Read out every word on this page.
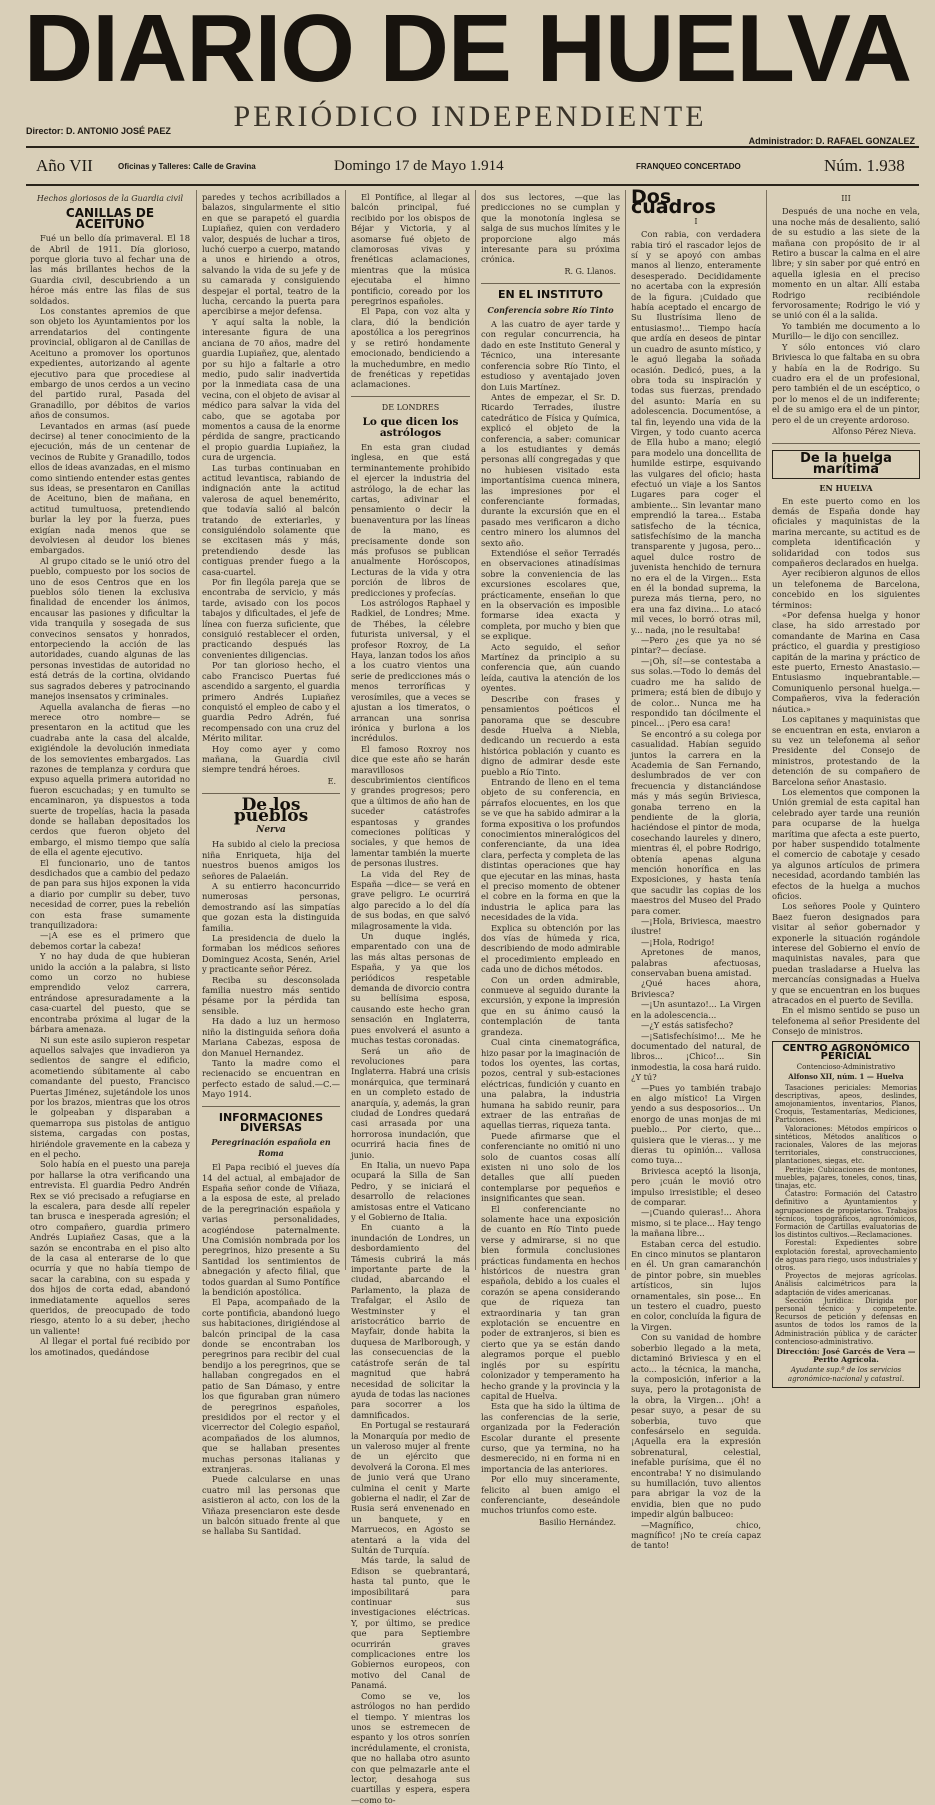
DIARIO DE HUELVA
PERIÓDICO INDEPENDIENTE
Director: D. ANTONIO JOSÉ PAEZ
Administrador: D. RAFAEL GONZALEZ
Año VII	Oficinas y Talleres: Calle de Gravina	Domingo 17 de Mayo 1.914	FRANQUEO CONCERTADO	Núm. 1.938
Hechos gloriosos de la Guardia civil
CANILLAS DE ACEITUNO

Fué un bello día primaveral. El 18 de Abril de 1911. Día glorioso, porque gloria tuvo al fechar una de las más brillantes hechos de la Guardia civil, descubriendo a un héroe más entre las filas de sus soldados.

Los constantes apremios de que son objeto los Ayuntamientos por los arrendatarios del contingente provincial, obligaron al de Canillas de Aceituno a promover los oportunos expedientes, autorizando al agente ejecutivo para que procediese al embargo de unos cerdos a un vecino del partido rural, Pasada del Granadillo, por débitos de varios años de consumos.

Levantados en armas (así puede decirse) al tener conocimiento de la ejecución, más de un centenar de vecinos de Rubite y Granadillo, todos ellos de ideas avanzadas, en el mismo como sintiendo entender estas gentes sus ideas, se presentaron en Canillas de Aceituno, bien de mañana, en actitud tumultuosa, pretendiendo burlar la ley por la fuerza, pues exigían nada menos que se devolviesen al deudor los bienes embargados.

Al grupo citado se le unió otro del pueblo, compuesto por los socios de uno de esos Centros que en los pueblos sólo tienen la exclusiva finalidad de encender los ánimos, encausar las pasiones y dificultar la vida tranquila y sosegada de sus convecinos sensatos y honrados, entorpeciendo la acción de las autoridades, cuando algunas de las personas investidas de autoridad no está detrás de la cortina, olvidando sus sagrados deberes y patrocinando manejos insensatos y criminales.

Aquella avalancha de fieras —no merece otro nombre— se presentaron en la actitud que les cuadraba ante la casa del alcalde, exigiéndole la devolución inmediata de los semovientes embargados. Las razones de templanza y cordura que expuso aquella primera autoridad no fueron escuchadas; y en tumulto se encaminaron, ya dispuestos a toda suerte de tropelías, hacia la pasada donde se hallaban depositados los cerdos que fueron objeto del embargo, el mismo tiempo que salía de ella el agente ejecutivo.

El funcionario, uno de tantos desdichados que a cambio del pedazo de pan para sus hijos exponen la vida a diario por cumplir su deber, tuvo necesidad de correr, pues la rebelión con esta frase sumamente tranquilizadora:

—¡A ese es el primero que debemos cortar la cabeza!

Y no hay duda de que hubieran unido la acción a la palabra, si listo como un corzo no hubiese emprendido veloz carrera, entrándose apresuradamente a la casa-cuartel del puesto, que se encontraba próxima al lugar de la bárbara amenaza.

Ni sun este asilo supieron respetar aquellos salvajes que invadieron ya sedientos de sangre el edificio, acometiendo súbitamente al cabo comandante del puesto, Francisco Puertas Jiménez, sujetándole los unos por los brazos, mientras que los otros le golpeaban y disparaban a quemarropa sus pistolas de antiguo sistema, cargadas con postas, hiriéndole gravemente en la cabeza y en el pecho.

Solo había en el puesto una pareja por hallarse la otra verificando una entrevista. El guardia Pedro Andrén Rex se vió precisado a refugiarse en la escalera, para desde allí repeler tan brusca e inesperada agresión; el otro compañero, guardia primero Andrés Lupiañez Casas, que a la sazón se encontraba en el piso alto de la casa al enterarse de lo que ocurría y que no había tiempo de sacar la carabina, con su espada y dos hijos de corta edad, abandonó inmediatamente aquellos seres queridos, de preocupado de todo riesgo, atento lo a su deber, ¡hecho un valiente!

Al llegar el portal fué recibido por los amotinados, quedándose

paredes y techos acribillados a balazos, singularmente el sitio en que se parapetó el guardia Lupiañez, quien con verdadero valor, después de luchar a tiros, luchó cuerpo a cuerpo, matando a unos e hiriendo a otros, salvando la vida de su jefe y de su camarada y consiguiendo despejar el portal, teatro de la lucha, cercando la puerta para apercibirse a mejor defensa.

Y aquí salta la noble, la interesante figura de una anciana de 70 años, madre del guardia Lupiañez, que, alentado por su hijo a faltarle a otro medio, pudo salir inadvertida por la inmediata casa de una vecina, con el objeto de avisar al médico para salvar la vida del cabo, que se agotaba por momentos a causa de la enorme pérdida de sangre, practicando el propio guardia Lupiañez, la cura de urgencia.

Las turbas continuaban en actitud levantisca, rabiando de indignación ante la actitud valerosa de aquel benemérito, que todavía salió al balcón tratando de exteriarles, y consiguiéndolo solamente que se excitasen más y más, pretendiendo desde las contiguas prender fuego a la casa-cuartel.

Por fin llególa pareja que se encontraba de servicio, y más tarde, avisado con los pocos tabajos y dificultades, el jefe de línea con fuerza suficiente, que consiguió restablecer el orden, practicando después las convenientes diligencias.

Por tan glorioso hecho, el cabo Francisco Puertas fué ascendido a sargento, el guardia primero Andrés Lupiañez conquistó el empleo de cabo y el guardia Pedro Adrén, fué recompensado con una cruz del Mérito militar.

Hoy como ayer y como mañana, la Guardia civil siempre tendrá héroes.

E.
De los pueblos
Nerva

Ha subido al cielo la preciosa niña Enriqueta, hija del nuestros buenos amigos los señores de Palaeián.

A su entierro haconcurrido numerosas personas, demostrando así las simpatías que gozan esta la distinguida familia.

La presidencia de duelo la formaban los médicos señores Dominguez Acosta, Senén, Ariel y practicante señor Pérez.

Reciba su desconsolada familia nuestro más sentido pésame por la pérdida tan sensible.

Ha dado a luz un hermoso niño la distinguida señora doña Mariana Cabezas, esposa de don Manuel Hernandez.

Tanto la madre como el recienacido se encuentran en perfecto estado de salud.—C.—Mayo 1914.

INFORMACIONES DIVERSAS
Peregrinación española en Roma

El Papa recibió el jueves día 14 del actual, al embajador de España señor conde de Viñaza, a la esposa de este, al prelado de la peregrinación española y varias personalidades, acogiéndose paternalmente. Una Comisión nombrada por los peregrinos, hizo presente a Su Santidad los sentimientos de abnegación y afecto filial, que todos guardan al Sumo Pontífice la bendición apostólica.

El Papa, acompañado de la corte pontificia, abandonó luego sus habitaciones, dirigiéndose al balcón principal de la casa donde se encontraban los peregrinos para recibir del cual bendijo a los peregrinos, que se hallaban congregados en el patio de San Dámaso, y entre los que figuraban gran número de peregrinos españoles, presididos por el rector y el vicerrector del Colegio español, acompañados de los alumnos, que se hallaban presentes muchas personas italianas y extranjeras.

Puede calcularse en unas cuatro mil las personas que asistieron al acto, con los de la Viñaza presenciaron este desde un balcón situado frente al que se hallaba Su Santidad.

El Pontífice, al llegar al balcón principal, fué recibido por los obispos de Béjar y Victoria, y al asomarse fué objeto de clamorosas vivas y frenéticas aclamaciones, mientras que la música ejecutaba el himno pontificio, coreado por los peregrinos españoles.

El Papa, con voz alta y clara, dió la bendición apostólica a los peregrinos y se retiró hondamente emocionado, bendiciendo a la muchedumbre, en medio de frenéticas y repetidas aclamaciones.

DE LONDRES
Lo que dicen los astrólogos

En esta gran ciudad inglesa, en que está terminantemente prohibido el ejercer la industria del astrólogo, la de echar las cartas, adivinar el pensamiento o decir la buenaventura por las líneas de la mano, es precisamente donde son más profusos se publican anualmente Horóscopos, Lecturas de la vida y otra porción de libros de predicciones y profecías.

Los astrólogos Raphael y Radkiel, de Londres; Mme. de Thébes, la célebre futurista universal, y el profesor Roxroy, de La Haya, lanzan todos los años a los cuatro vientos una serie de predicciones más o menos terroríficas y verosímiles, que a veces se ajustan a los timeratos, o arrancan una sonrisa irónica y burlona a los incrédulos.

El famoso Roxroy nos dice que este año se harán maravillosos descubrimientos científicos y grandes progresos; pero que a últimos de año han de suceder catástrofes espantosas y grandes comeciones políticas y sociales, y que hemos de lamentar también la muerte de personas ilustres.

La vida del Rey de España —dice— se verá en grave peligro. Le ocurrirá algo parecido a lo del día de sus bodas, en que salvó milagrosamente la vida.

Un duque inglés, emparentado con una de las más altas personas de España, y ya que los periódicos respetable demanda de divorcio contra su bellísima esposa, causando este hecho gran sensación en Inglaterra, pues envolverá el asunto a muchas testas coronadas.

Será un año de revoluciones para Inglaterra. Habrá una crisis monárquica, que terminará en un completo estado de anarquía, y, además, la gran ciudad de Londres quedará casi arrasada por una horrorosa inundación, que ocurrirá hacia fines de junio.

En Italia, un nuevo Papa ocupará la Silla de San Pedro, y se iniciará el desarrollo de relaciones amistosas entre el Vaticano y el Gobierno de Italia.

En cuanto a la inundación de Londres, un desbordamiento del Támesis cubrirá la más importante parte de la ciudad, abarcando el Parlamento, la plaza de Trafalgar, el Asilo de Westminster y el aristocrático barrio de Mayfair, donde habita la duquesa de Marlborough, y las consecuencias de la catástrofe serán de tal magnitud que habrá necesidad de solicitar la ayuda de todas las naciones para socorrer a los damnificados.

En Portugal se restaurará la Monarquía por medio de un valeroso mujer al frente de un ejército que devolverá la Corona. El mes de junio verá que Urano culmina el cenit y Marte gobierna el nadir, el Zar de Rusia será envenenado en un banquete, y en Marruecos, en Agosto se atentará a la vida del Sultán de Turquía.

Más tarde, la salud de Edison se quebrantará, hasta tal punto, que le imposibilitará para continuar sus investigaciones eléctricas. Y, por último, se predice que para Septiembre ocurrirán graves complicaciones entre los Gobiernos europeos, con motivo del Canal de Panamá.

Como se ve, los astrólogos no han perdido el tiempo. Y mientras los unos se estremecen de espanto y los otros sonríen incrédulamente, el cronista, que no hallaba otro asunto con que pelmazarle ante el lector, desahoga sus cuartillas y espera, espera —como to-

dos sus lectores, —que las predicciones no se cumplan y que la monotonía inglesa se salga de sus muchos límites y le proporcione algo más interesante para su próxima crónica.

R. G. Llanos.
EN EL INSTITUTO
Conferencia sobre Río Tinto

A las cuatro de ayer tarde y con regular concurrencia, ha dado en este Instituto General y Técnico, una interesante conferencia sobre Río Tinto, el estudioso y aventajado joven don Luis Martínez.

Antes de empezar, el Sr. D. Ricardo Terrades, ilustre catedrático de Física y Química, explicó el objeto de la conferencia, a saber: comunicar a los estudiantes y demás personas allí congregadas y que no hubiesen visitado esta importantísima cuenca minera, las impresiones por el conferenciante formadas, durante la excursión que en el pasado mes verificaron a dicho centro minero los alumnos del sexto año.

Extendióse el señor Terradés en observaciones atinadísimas sobre la conveniencia de las excursiones escolares que, prácticamente, enseñan lo que en la observación es imposible formarse idea exacta y completa, por mucho y bien que se explique.

Acto seguido, el señor Martínez da principio a su conferencia que, aún cuando leída, cautiva la atención de los oyentes.

Describe con frases y pensamientos poéticos el panorama que se descubre desde Huelva a Niebla, dedicando un recuerdo a esta histórica población y cuanto es digno de admirar desde este pueblo a Río Tinto.

Entrando de lleno en el tema objeto de su conferencia, en párrafos elocuentes, en los que se ve que ha sabido admirar a la forma expositiva o los profundos conocimientos mineralógicos del conferenciante, da una idea clara, perfecta y completa de las distintas operaciones que hay que ejecutar en las minas, hasta el preciso momento de obtener el cobre en la forma en que la industria le aplica para las necesidades de la vida.

Explica su obtención por las dos vías de húmeda y rica, describiendo de modo admirable el procedimiento empleado en cada uno de dichos métodos.

Con un orden admirable, conmueve al seguido durante la excursión, y expone la impresión que en su ánimo causó la contemplación de tanta grandeza.

Cual cinta cinematográfica, hizo pasar por la imaginación de todos los oyentes, las cortas, pozos, central y sub-estaciones eléctricas, fundición y cuanto en una palabra, la industria humana ha sabido reunir, para extraer de las entrañas de aquellas tierras, riqueza tanta.

Puede afirmarse que el conferenciante no omitió ni uno solo de cuantos cosas allí existen ni uno solo de los detalles que allí pueden contemplarse por pequeños e insignificantes que sean.

El conferenciante no solamente hace una exposición de cuanto en Río Tinto puede verse y admirarse, si no que bien formula conclusiones prácticas fundamenta en hechos históricos de nuestra gran española, debido a los cuales el corazón se apena considerando que de riqueza tan extraordinaria y tan gran explotación se encuentre en poder de extranjeros, si bien es cierto que ya se están dando alegramos porque el pueblo inglés por su espíritu colonizador y temperamento ha hecho grande y la provincia y la capital de Huelva.

Esta que ha sido la última de las conferencias de la serie, organizada por la Federación Escolar durante el presente curso, que ya termina, no ha desmerecido, ni en forma ni en importancia de las anteriores.

Por ello muy sinceramente, felicito al buen amigo el conferenciante, deseándole muchos triunfos como este.

Basilio Hernández.
Dos cuadros
I

Con rabia, con verdadera rabia tiró el rascador lejos de sí y se apoyó con ambas manos al lienzo, enteramente desesperado. Decididamente no acertaba con la expresión de la figura. ¡Cuidado que había aceptado el encargo de Su Ilustrísima lleno de entusiasmo!... Tiempo hacía que ardía en deseos de pintar un cuadro de asunto místico, y le aguó llegaba la soñada ocasión. Dedicó, pues, a la obra toda su inspiración y todas sus fuerzas, prendado del asunto: María en su adolescencia. Documentóse, a tal fin, leyendo una vida de la Virgen, y todo cuanto acerca de Ella hubo a mano; elegió para modelo una doncellita de humilde estirpe, esquivando las vulgares del oficio; hasta efectuó un viaje a los Santos Lugares para coger el ambiente... Sin levantar mano emprendió la tarea... Estaba satisfecho de la técnica, satisfechísimo de la mancha transparente y jugosa, pero... aquel dulce rostro de juvenista henchido de ternura no era el de la Virgen... Esta en él la bondad suprema, la pureza más tierna, pero, no era una faz divina... Lo atacó mil veces, lo borró otras mil, y... nada, ¡no le resultaba!

—Pero ¿es que ya no sé pintar?— decíase.

—¡Oh, sí!—se contestaba a sus solas.—Todo lo demás del cuadro me ha salido de primera; está bien de dibujo y de color... Nunca me ha respondido tan dócilmente el pincel... ¡Pero esa cara!

Se encontró a su colega por casualidad. Habían seguido juntos la carrera en la Academia de San Fernando, deslumbrados de ver con frecuencia y distanciándose más y más según Briviesca, gonaba terreno en la pendiente de la gloria, haciéndose el pintor de moda, cosechando laureles y dinero, mientras él, el pobre Rodrigo, obtenía apenas alguna mención honorífica en las Exposiciones, y hasta tenía que sacudir las copias de los maestros del Museo del Prado para comer.

—¡Hola, Briviesca, maestro ilustre!

—¡Hola, Rodrigo!

Apretones de manos, palabras afectuosas, conservaban buena amistad.

¿Qué haces ahora, Briviesca?

—¡Un asuntazo!... La Virgen en la adolescencia...

—¿Y estás satisfecho?

—¡Satisfechísimo!... Me he documentado del natural, de libros... ¡Chico!... Sin inmodestia, la cosa hará ruido. ¿Y tú?

—Pues yo también trabajo en algo místico! La Virgen yendo a sus desposorios... Un enorgo de unas monjas de mi pueblo... Por cierto, que... quisiera que le vieras... y me dieras tu opinión... vallosa como tuya...

Briviesca aceptó la lisonja, pero ¡cuán le movió otro impulso irresistible; el deseo de comparar.

—¡Cuando quieras!... Ahora mismo, si te place... Hay tengo la mañana libre...

Estaban cerca del estudio. En cinco minutos se plantaron en él. Un gran camaranchón de pintor pobre, sin muebles artísticos, sin lujos ornamentales, sin pose... En un testero el cuadro, puesto en color, concluída la figura de la Virgen.

Con su vanidad de hombre soberbio llegado a la meta, dictaminó Briviesca y en el acto... la técnica, la mancha, la composición, inferior a la suya, pero la protagonista de la obra, la Virgen... ¡Oh! a pesar suyo, a pesar de su soberbia, tuvo que confesárselo en seguida. ¡Aquella era la expresión sobrenatural, celestial, inefable purísima, que él no encontraba! Y no disimulando su humillación, tuvo alientos para abrigar la voz de la envidia, bien que no pudo impedir algún balbuceo:

—Magnífico, chico, magnífico! ¡No te creía capaz de tanto!

III

Después de una noche en vela, una noche más de desaliento, salió de su estudio a las siete de la mañana con propósito de ir al Retiro a buscar la calma en el aire libre; y sin saber por qué entró en aquella iglesia en el preciso momento en un altar. Allí estaba Rodrigo recibiéndole fervorosamente; Rodrigo le vió y se unió con él a la salida.

Yo también me documento a lo Murillo— le dijo con sencillez.

Y sólo entonces vió claro Briviesca lo que faltaba en su obra y había en la de Rodrigo. Su cuadro era el de un profesional, pero también el de un escéptico, o por lo menos el de un indiferente; el de su amigo era el de un pintor, pero el de un creyente ardoroso.

Alfonso Pérez Nieva.
De la huelga marítima
EN HUELVA

En este puerto como en los demás de España donde hay oficiales y maquinistas de la marina mercante, su actitud es de completa identificación y solidaridad con todos sus compañeros declarados en huelga.

Ayer recibieron algunos de ellos un telefonema de Barcelona, concebido en los siguientes términos:

«Por defensa huelga y honor clase, ha sido arrestado por comandante de Marina en Casa práctico, el guardia y prestigioso capitán de la marina y práctico de este puerto, Ernesto Anastasio.—Entusiasmo inquebrantable.—Comuniquenlo personal huelga.—Compañeros, viva la federación náutica.»

Los capitanes y maquinistas que se encuentran en esta, enviaron a su vez un telefonema al señor Presidente del Consejo de ministros, protestando de la detención de su compañero de Barcelona señor Anastasio.

Los elementos que componen la Unión gremial de esta capital han celebrado ayer tarde una reunión para ocuparse de la huelga marítima que afecta a este puerto, por haber suspendido totalmente el comercio de cabotaje y cesado ya algunos artículos de primera necesidad, acordando también las efectos de la huelga a muchos oficios.

Los señores Poole y Quintero Baez fueron designados para visitar al señor gobernador y exponerle la situación rogándole interese del Gobierno el envío de maquinistas navales, para que puedan trasladarse a Huelva las mercancías consignadas a Huelva y que se encuentran en los buques atracados en el puerto de Sevilla.

En el mismo sentido se puso un telefonema al señor Presidente del Consejo de ministros.

CENTRO AGRONÓMICO PERICIAL
Contencioso-Administrativo
Alfonso XII, núm. 1 — Huelva

Tasaciones periciales: Memorias descriptivas, apeos, deslindes, amojonamientos, inventarios, Planos, Croquis, Testamentarías, Mediciones, Particiones.

Valoraciones: Métodos empíricos o sintéticos, Métodos analíticos o racionales, Valores de las mejoras territoriales, construcciones, plantaciones, siegas, etc.

Peritaje: Cubicaciones de montones, muebles, pajares, toneles, conos, tinas, tinajas, etc.

Catastro: Formación del Catastro definitivo a Ayuntamientos y agrupaciones de propietarios. Trabajos técnicos, topográficos, agronómicos, Formación de Cartillas evaluatorias de los distintos cultivos.—Reclamaciones.

Forestal: Expedientes sobre explotación forestal, aprovechamiento de aguas para riego, usos industriales y otros.

Proyectos de mejoras agrícolas. Análisis calcimétricos para la adaptación de vides americanas.

Sección Jurídica: Dirigida por personal técnico y competente. Recursos de petición y defensas en asuntos de todos los ramos de la Administración pública y de carácter contencioso-administrativo.

Dirección: José Garcés de Vera — Perito Agrícola.
Ayudante sup.º de los servicios agronómico-nacional y catastral.
